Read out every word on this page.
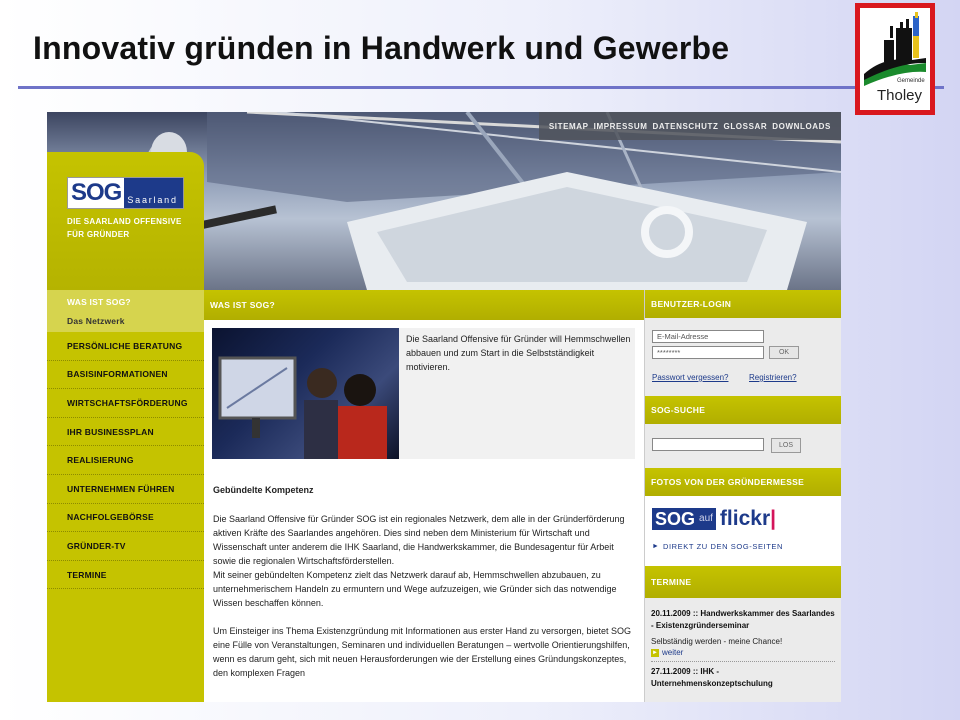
Innovativ gründen in Handwerk und Gewerbe
Gemeinde
Tholey
SITEMAP IMPRESSUM DATENSCHUTZ GLOSSAR DOWNLOADS
SOG Saarland
DIE SAARLAND OFFENSIVE
FÜR GRÜNDER
WAS IST SOG?
Das Netzwerk
PERSÖNLICHE BERATUNG
BASISINFORMATIONEN
WIRTSCHAFTSFÖRDERUNG
IHR BUSINESSPLAN
REALISIERUNG
UNTERNEHMEN FÜHREN
NACHFOLGEBÖRSE
GRÜNDER-TV
TERMINE
WAS IST SOG?
Die Saarland Offensive für Gründer will Hemmschwellen abbauen und zum Start in die Selbstständigkeit motivieren.
Gebündelte Kompetenz

Die Saarland Offensive für Gründer SOG ist ein regionales Netzwerk, dem alle in der Gründerförderung aktiven Kräfte des Saarlandes angehören. Dies sind neben dem Ministerium für Wirtschaft und Wissenschaft unter anderem die IHK Saarland, die Handwerkskammer, die Bundesagentur für Arbeit sowie die regionalen Wirtschaftsförderstellen.

Mit seiner gebündelten Kompetenz zielt das Netzwerk darauf ab, Hemmschwellen abzubauen, zu unternehmerischem Handeln zu ermuntern und Wege aufzuzeigen, wie Gründer sich das notwendige Wissen beschaffen können.

Um Einsteiger ins Thema Existenzgründung mit Informationen aus erster Hand zu versorgen, bietet SOG eine Fülle von Veranstaltungen, Seminaren und individuellen Beratungen – wertvolle Orientierungshilfen, wenn es darum geht, sich mit neuen Herausforderungen wie der Erstellung eines Gründungskonzeptes, den komplexen Fragen

BENUTZER-LOGIN
E-Mail-Adresse
********	OK
Passwort vergessen?	Registrieren?
SOG-SUCHE
LOS
FOTOS VON DER GRÜNDERMESSE
SOG auf flickr |
► DIREKT ZU DEN SOG-SEITEN
TERMINE
20.11.2009 :: Handwerkskammer des Saarlandes - Existenzgründerseminar
Selbständig werden - meine Chance!
► weiter
27.11.2009 :: IHK - Unternehmenskonzeptschulung
